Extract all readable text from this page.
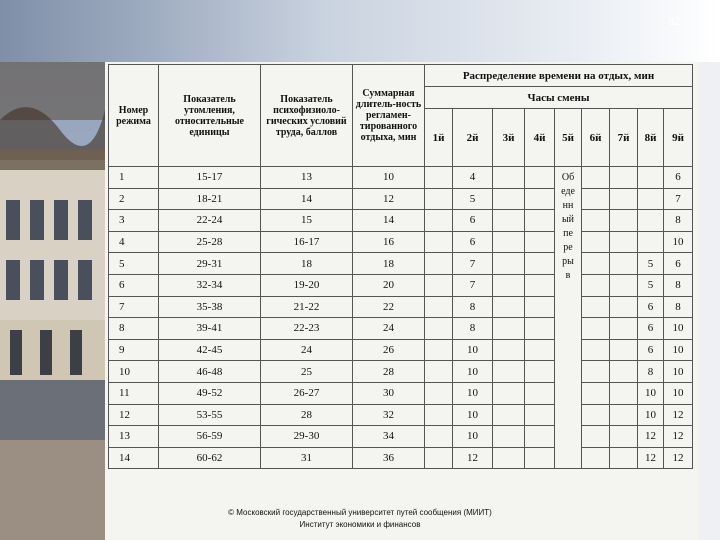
82
Номер режима	Показатель утомления, относительные единицы	Показатель психофизиоло-гических условий труда, баллов	Суммарная длитель-ность регламен-тированного отдыха, мин	Распределение времени на отдых, мин								
				Часы смены								
				1й	2й	3й	4й	5й	6й	7й	8й	9й
1	15-17	13	10		4			Об еде нн ый пе ре ры в				6
2	18-21	14	12		5							7
3	22-24	15	14		6							8
4	25-28	16-17	16		6							10
5	29-31	18	18		7						5	6
6	32-34	19-20	20		7						5	8
7	35-38	21-22	22		8						6	8
8	39-41	22-23	24		8						6	10
9	42-45	24	26		10						6	10
10	46-48	25	28		10						8	10
11	49-52	26-27	30		10						10	10
12	53-55	28	32		10						10	12
13	56-59	29-30	34		10						12	12
14	60-62	31	36		12						12	12
© Московский государственный университет путей сообщения (МИИТ)
Институт экономики и финансов
